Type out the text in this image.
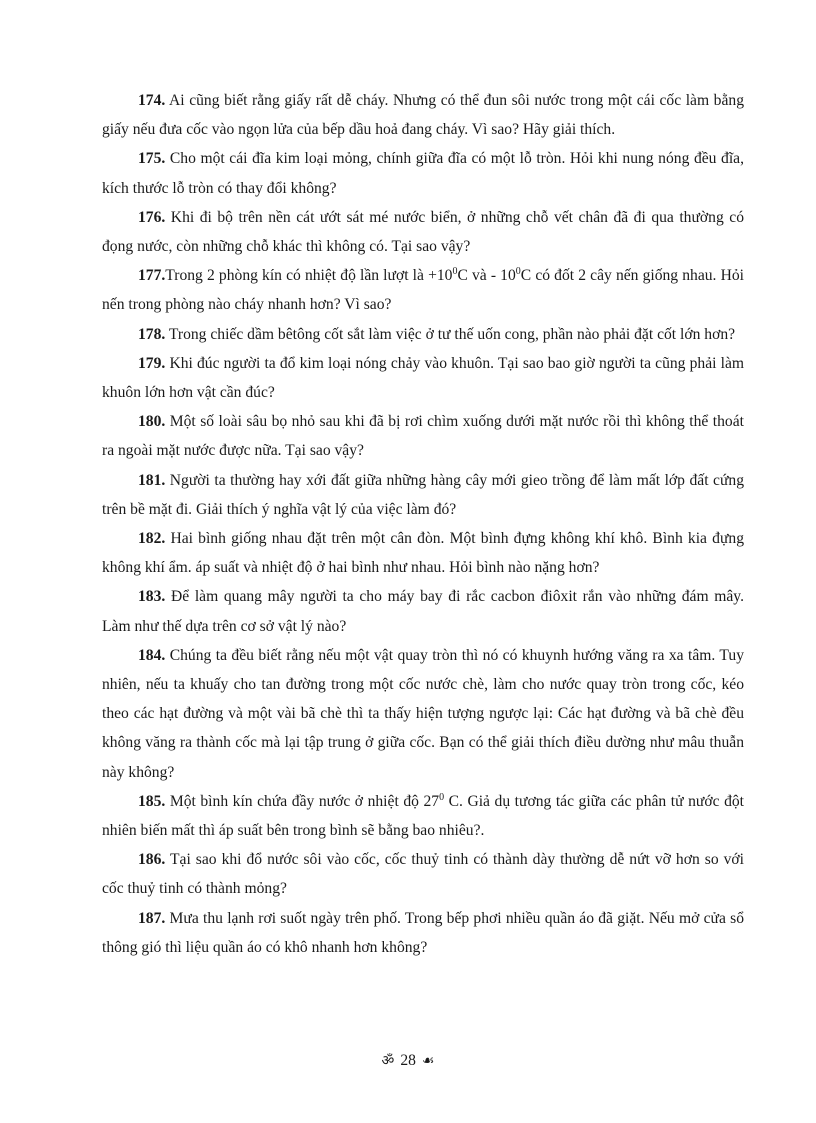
174. Ai cũng biết rằng giấy rất dễ cháy. Nhưng có thể đun sôi nước trong một cái cốc làm bằng giấy nếu đưa cốc vào ngọn lửa của bếp dầu hoả đang cháy. Vì sao? Hãy giải thích.

175. Cho một cái đĩa kim loại mỏng, chính giữa đĩa có một lỗ tròn. Hỏi khi nung nóng đều đĩa, kích thước lỗ tròn có thay đổi không?

176. Khi đi bộ trên nền cát ướt sát mé nước biển, ở những chỗ vết chân đã đi qua thường có đọng nước, còn những chỗ khác thì không có. Tại sao vậy?

177.Trong 2 phòng kín có nhiệt độ lần lượt là $+10^0C$ và - $10^0C$ có đốt 2 cây nến giống nhau. Hỏi nến trong phòng nào cháy nhanh hơn? Vì sao?

178. Trong chiếc dầm bêtông cốt sắt làm việc ở tư thế uốn cong, phần nào phải đặt cốt lớn hơn?

179. Khi đúc người ta đổ kim loại nóng chảy vào khuôn. Tại sao bao giờ người ta cũng phải làm khuôn lớn hơn vật cần đúc?

180. Một số loài sâu bọ nhỏ sau khi đã bị rơi chìm xuống dưới mặt nước rồi thì không thể thoát ra ngoài mặt nước được nữa. Tại sao vậy?

181. Người ta thường hay xới đất giữa những hàng cây mới gieo trồng để làm mất lớp đất cứng trên bề mặt đi. Giải thích ý nghĩa vật lý của việc làm đó?

182. Hai bình giống nhau đặt trên một cân đòn. Một bình đựng không khí khô. Bình kia đựng không khí ẩm. áp suất và nhiệt độ ở hai bình như nhau. Hỏi bình nào nặng hơn?

183. Để làm quang mây người ta cho máy bay đi rắc cacbon điôxit rắn vào những đám mây. Làm như thế dựa trên cơ sở vật lý nào?

184. Chúng ta đều biết rằng nếu một vật quay tròn thì nó có khuynh hướng văng ra xa tâm. Tuy nhiên, nếu ta khuấy cho tan đường trong một cốc nước chè, làm cho nước quay tròn trong cốc, kéo theo các hạt đường và một vài bã chè thì ta thấy hiện tượng ngược lại: Các hạt đường và bã chè đều không văng ra thành cốc mà lại tập trung ở giữa cốc. Bạn có thể giải thích điều dường như mâu thuẫn này không?

185. Một bình kín chứa đầy nước ở nhiệt độ $27^0$ C. Giả dụ tương tác giữa các phân tử nước đột nhiên biến mất thì áp suất bên trong bình sẽ bằng bao nhiêu?.

186. Tại sao khi đổ nước sôi vào cốc, cốc thuỷ tinh có thành dày thường dễ nứt vỡ hơn so với cốc thuỷ tinh có thành mỏng?

187. Mưa thu lạnh rơi suốt ngày trên phố. Trong bếp phơi nhiều quần áo đã giặt. Nếu mở cửa sổ thông gió thì liệu quần áo có khô nhanh hơn không?

ॐ 28 ☙
